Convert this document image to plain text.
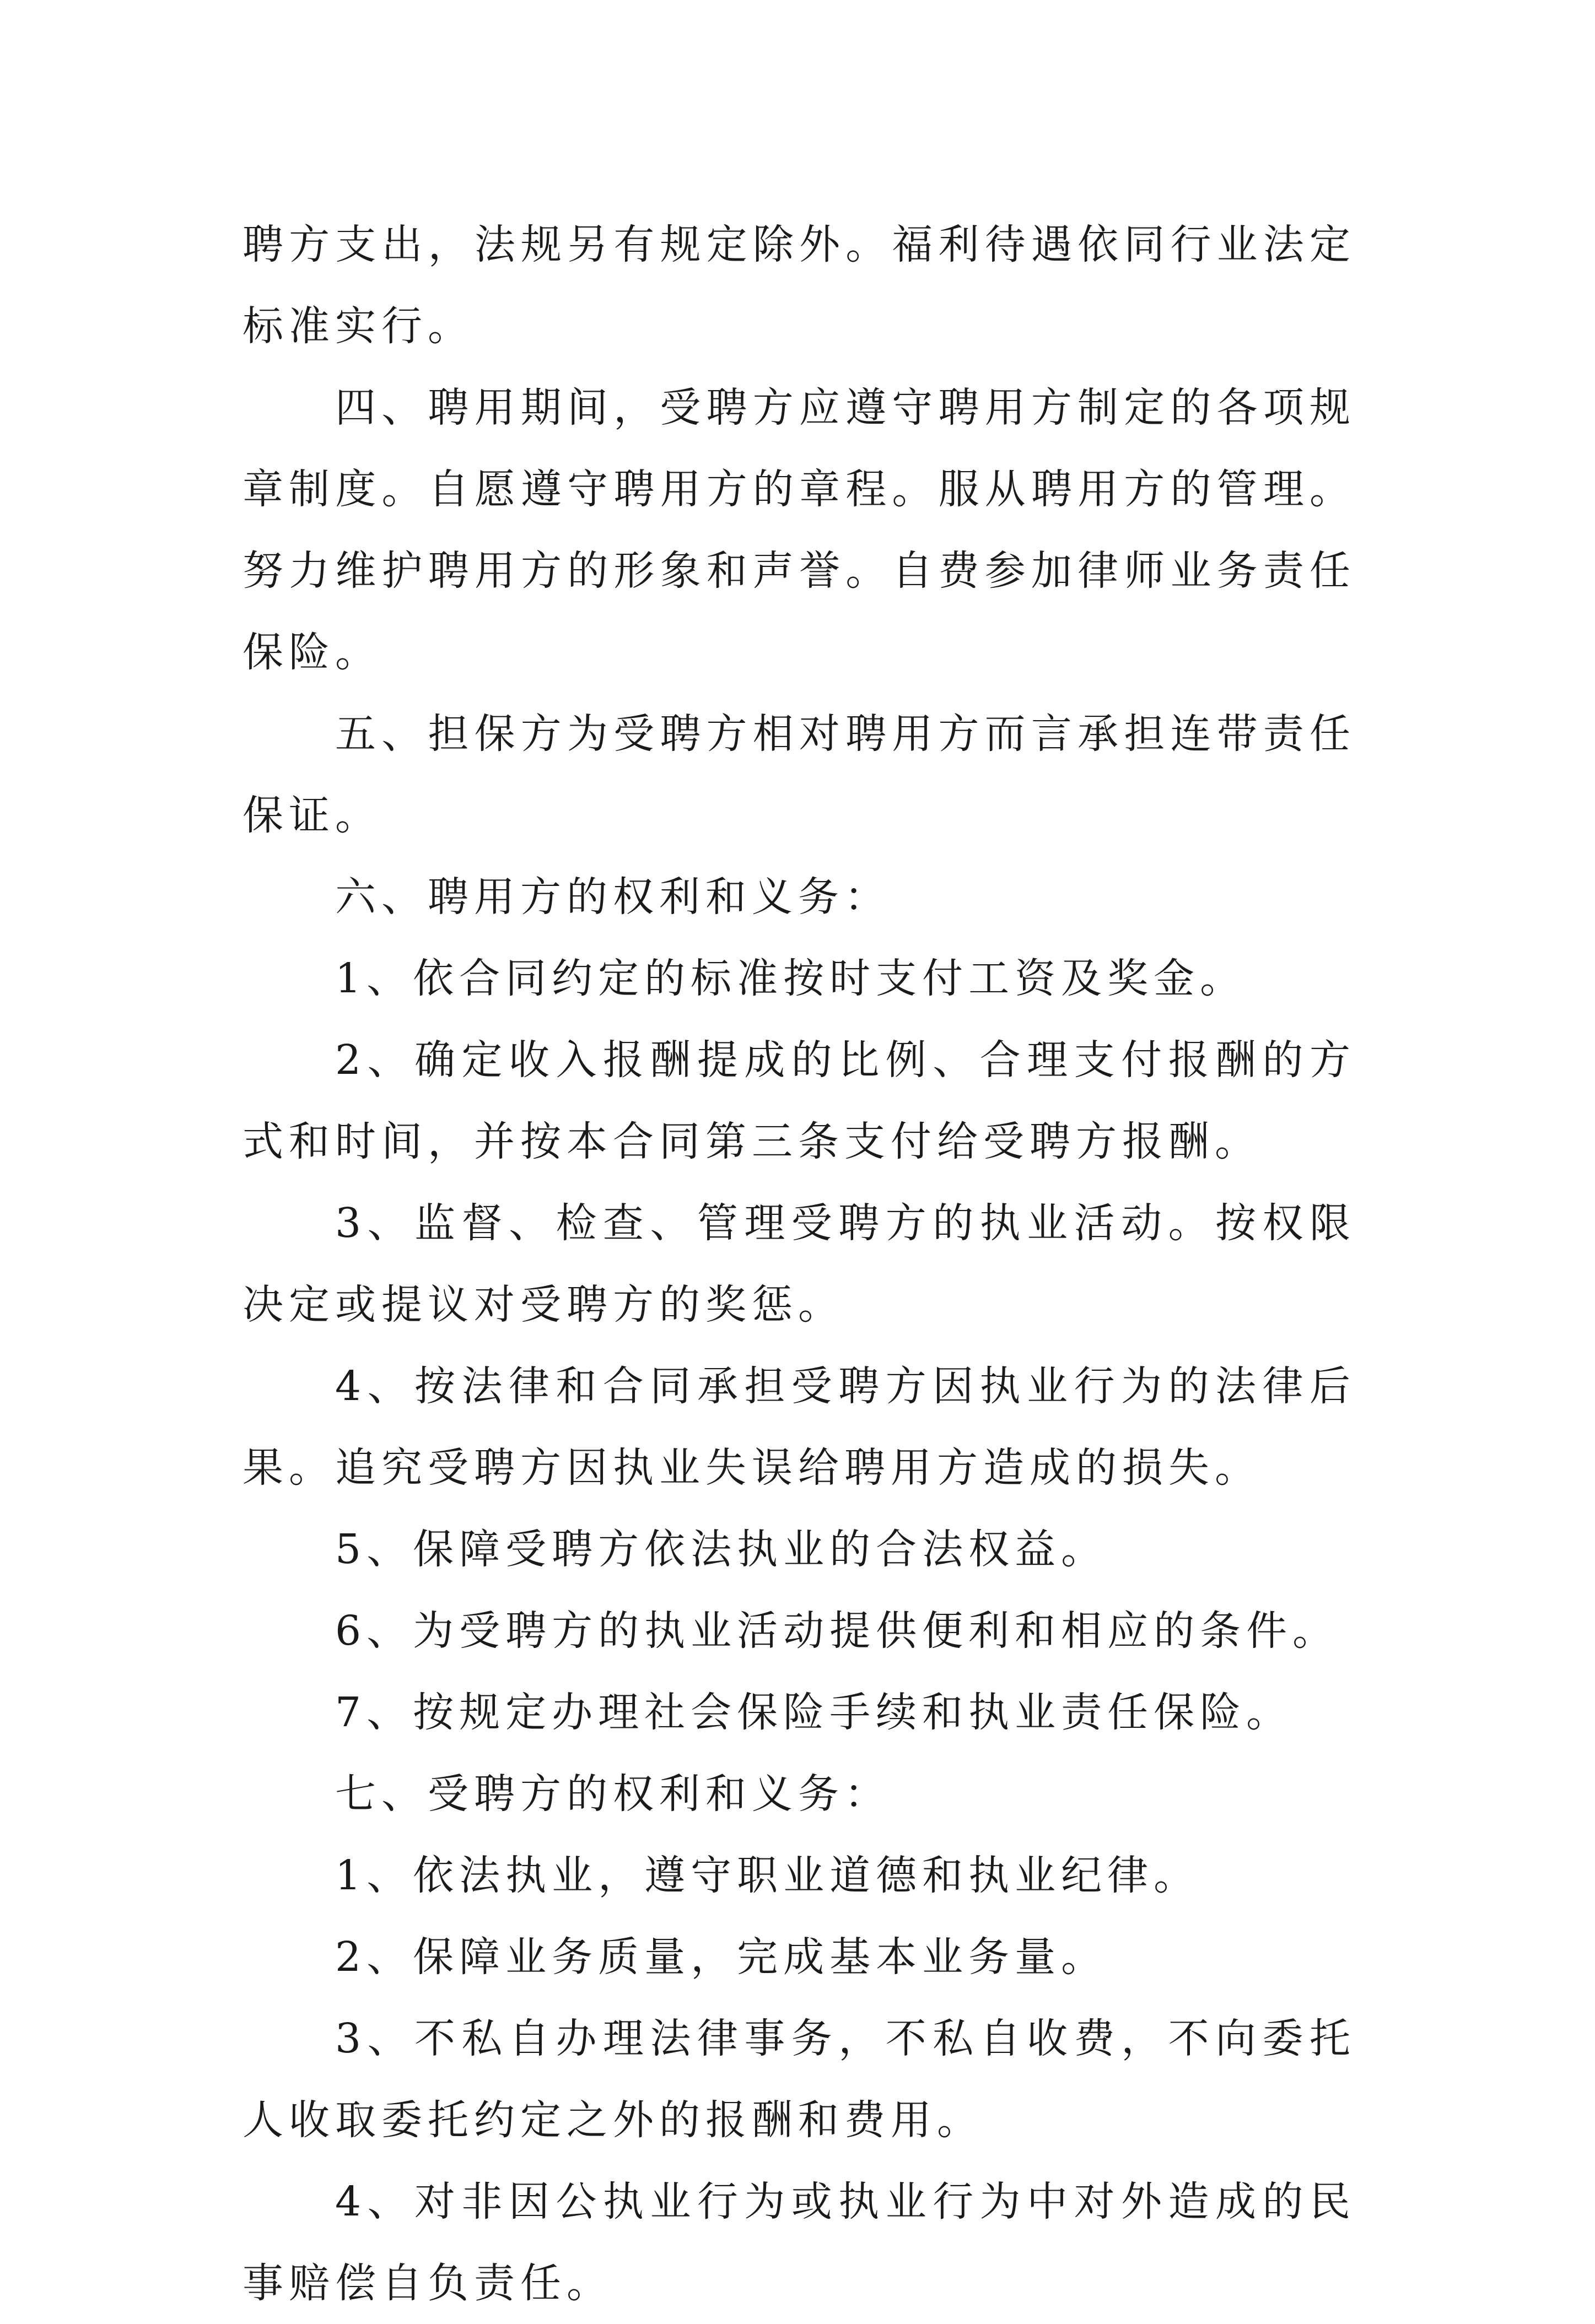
聘方支出，法规另有规定除外。福利待遇依同行业法定标准实行。

四、聘用期间，受聘方应遵守聘用方制定的各项规章制度。自愿遵守聘用方的章程。服从聘用方的管理。努力维护聘用方的形象和声誉。自费参加律师业务责任保险。

五、担保方为受聘方相对聘用方而言承担连带责任保证。

六、聘用方的权利和义务：

1、依合同约定的标准按时支付工资及奖金。

2、确定收入报酬提成的比例、合理支付报酬的方式和时间，并按本合同第三条支付给受聘方报酬。

3、监督、检查、管理受聘方的执业活动。按权限决定或提议对受聘方的奖惩。

4、按法律和合同承担受聘方因执业行为的法律后果。追究受聘方因执业失误给聘用方造成的损失。

5、保障受聘方依法执业的合法权益。

6、为受聘方的执业活动提供便利和相应的条件。

7、按规定办理社会保险手续和执业责任保险。

七、受聘方的权利和义务：

1、依法执业，遵守职业道德和执业纪律。

2、保障业务质量，完成基本业务量。

3、不私自办理法律事务，不私自收费，不向委托人收取委托约定之外的报酬和费用。

4、对非因公执业行为或执业行为中对外造成的民事赔偿自负责任。
